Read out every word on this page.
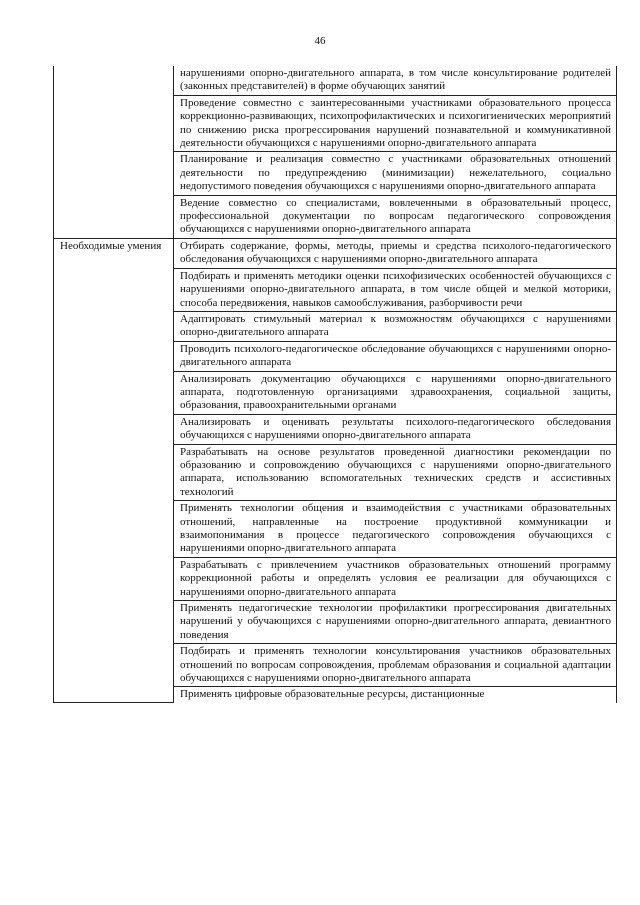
46

	нарушениями опорно-двигательного аппарата, в том числе консультирование родителей (законных представителей) в форме обучающих занятий

	Проведение совместно с заинтересованными участниками образовательного процесса коррекционно-развивающих, психопрофилактических и психогигиенических мероприятий по снижению риска прогрессирования нарушений познавательной и коммуникативной деятельности обучающихся с нарушениями опорно-двигательного аппарата

	Планирование и реализация совместно с участниками образовательных отношений деятельности по предупреждению (минимизации) нежелательного, социально недопустимого поведения обучающихся с нарушениями опорно-двигательного аппарата

	Ведение совместно со специалистами, вовлеченными в образовательный процесс, профессиональной документации по вопросам педагогического сопровождения обучающихся с нарушениями опорно-двигательного аппарата

Необходимые умения	Отбирать содержание, формы, методы, приемы и средства психолого-педагогического обследования обучающихся с нарушениями опорно-двигательного аппарата

	Подбирать и применять методики оценки психофизических особенностей обучающихся с нарушениями опорно-двигательного аппарата, в том числе общей и мелкой моторики, способа передвижения, навыков самообслуживания, разборчивости речи

	Адаптировать стимульный материал к возможностям обучающихся с нарушениями опорно-двигательного аппарата

	Проводить психолого-педагогическое обследование обучающихся с нарушениями опорно-двигательного аппарата

	Анализировать документацию обучающихся с нарушениями опорно-двигательного аппарата, подготовленную организациями здравоохранения, социальной защиты, образования, правоохранительными органами

	Анализировать и оценивать результаты психолого-педагогического обследования обучающихся с нарушениями опорно-двигательного аппарата

	Разрабатывать на основе результатов проведенной диагностики рекомендации по образованию и сопровождению обучающихся с нарушениями опорно-двигательного аппарата, использованию вспомогательных технических средств и ассистивных технологий

	Применять технологии общения и взаимодействия с участниками образовательных отношений, направленные на построение продуктивной коммуникации и взаимопонимания в процессе педагогического сопровождения обучающихся с нарушениями опорно-двигательного аппарата

	Разрабатывать с привлечением участников образовательных отношений программу коррекционной работы и определять условия ее реализации для обучающихся с нарушениями опорно-двигательного аппарата

	Применять педагогические технологии профилактики прогрессирования двигательных нарушений у обучающихся с нарушениями опорно-двигательного аппарата, девиантного поведения

	Подбирать и применять технологии консультирования участников образовательных отношений по вопросам сопровождения, проблемам образования и социальной адаптации обучающихся с нарушениями опорно-двигательного аппарата

	Применять цифровые образовательные ресурсы, дистанционные
